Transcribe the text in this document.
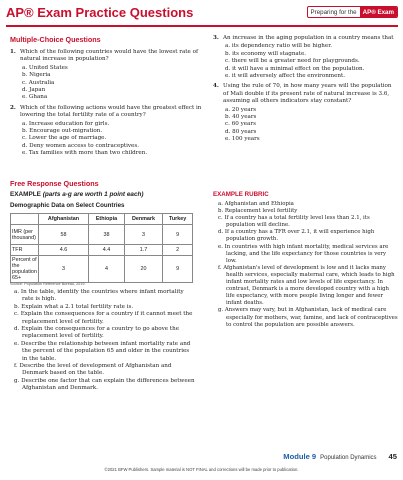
AP® Exam Practice Questions	Preparing for the AP® Exam
Multiple-Choice Questions
1. Which of the following countries would have the lowest rate of natural increase in population?
a. United States
b. Nigeria
c. Australia
d. Japan
e. Ghana
2. Which of the following actions would have the greatest effect in lowering the total fertility rate of a country?
a. Increase education for girls.
b. Encourage out-migration.
c. Lower the age of marriage.
d. Deny women access to contraceptives.
e. Tax families with more than two children.
3. An increase in the aging population in a country means that
a. its dependency ratio will be higher.
b. its economy will stagnate.
c. there will be a greater need for playgrounds.
d. it will have a minimal effect on the population.
e. it will adversely affect the environment.
4. Using the rule of 70, in how many years will the population of Mali double if its present rate of natural increase is 3.6, assuming all others indicators stay constant?
a. 20 years
b. 40 years
c. 60 years
d. 80 years
e. 100 years
Free Response Questions
EXAMPLE (parts a-g are worth 1 point each)
Demographic Data on Select Countries
	Afghanistan	Ethiopia	Denmark	Turkey
IMR (per thousand)	58	38	3	9
TFR	4.6	4.4	1.7	2
Percent of the population 65+	3	4	20	9
Source: Population Reference Bureau, 2019.
a. In the table, identify the countries where infant mortality rate is high.
b. Explain what a 2.1 total fertility rate is.
c. Explain the consequences for a country if it cannot meet the replacement level of fertility.
d. Explain the consequences for a country to go above the replacement level of fertility.
e. Describe the relationship between infant mortality rate and the percent of the population 65 and older in the countries in the table.
f. Describe the level of development of Afghanistan and Denmark based on the table.
g. Describe one factor that can explain the differences between Afghanistan and Denmark.
EXAMPLE RUBRIC
a. Afghanistan and Ethiopia
b. Replacement level fertility
c. If a country has a total fertility level less than 2.1, its population will decline.
d. If a country has a TFR over 2.1, it will experience high population growth.
e. In countries with high infant mortality, medical services are lacking, and the life expectancy for those countries is very low.
f. Afghanistan's level of development is low and it lacks many health services, especially maternal care, which leads to high infant mortality rates and low levels of life expectancy. In contrast, Denmark is a more developed country with a high life expectancy, with more people living longer and fewer infant deaths.
g. Answers may vary, but in Afghanistan, lack of medical care especially for mothers, war, famine, and lack of contraceptives to control the population are possible answers.
Module 9 Population Dynamics 45
©2021 BFW Publishers. Sample material is NOT FINAL and corrections will be made prior to publication.
